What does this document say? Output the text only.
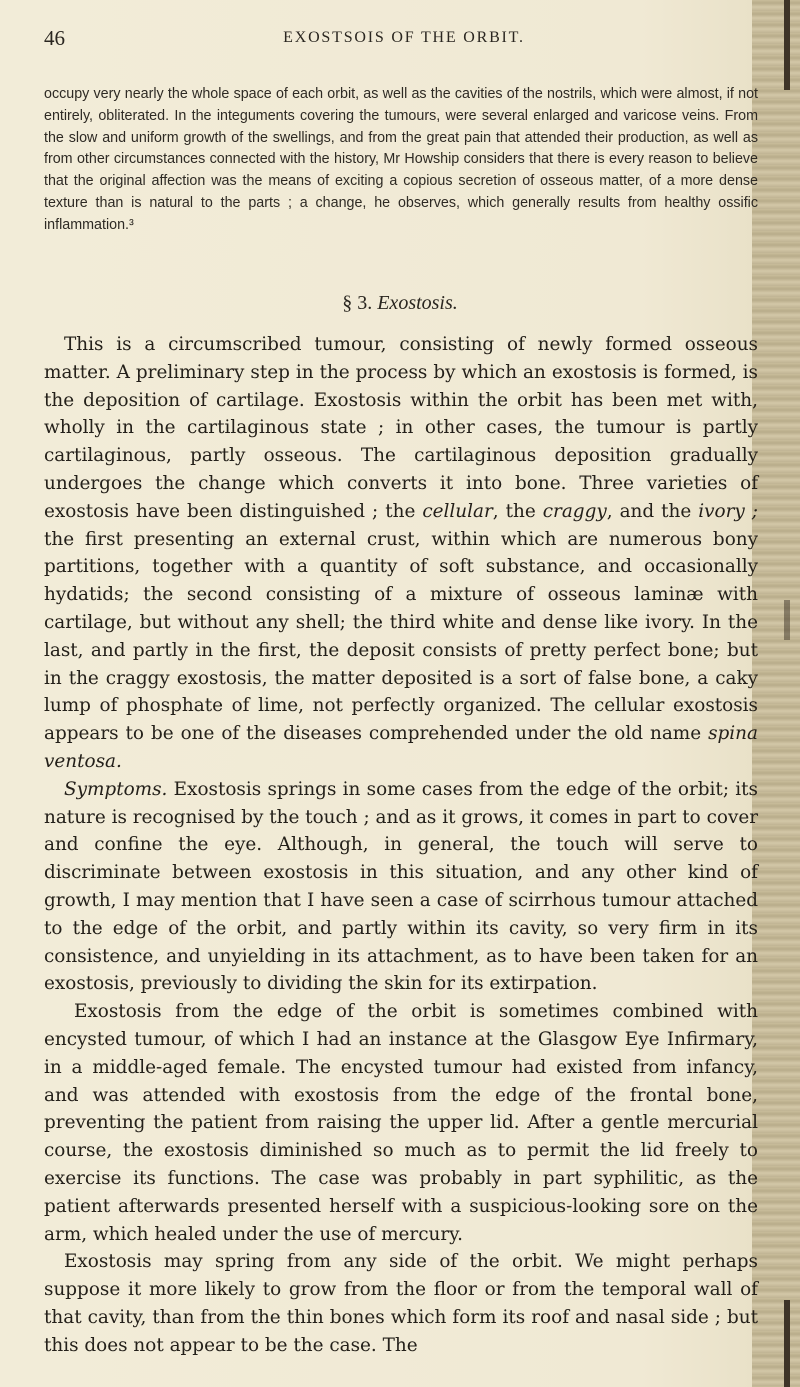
46	EXOSTSOIS OF THE ORBIT.
occupy very nearly the whole space of each orbit, as well as the cavities of the nostrils, which were almost, if not entirely, obliterated. In the integuments covering the tumours, were several enlarged and varicose veins. From the slow and uniform growth of the swellings, and from the great pain that attended their production, as well as from other circumstances connected with the history, Mr Howship considers that there is every reason to believe that the original affection was the means of exciting a copious secretion of osseous matter, of a more dense texture than is natural to the parts ; a change, he observes, which generally results from healthy ossific inflammation.³
§ 3. Exostosis.

This is a circumscribed tumour, consisting of newly formed osseous matter. A preliminary step in the process by which an exostosis is formed, is the deposition of cartilage. Exostosis within the orbit has been met with, wholly in the cartilaginous state ; in other cases, the tumour is partly cartilaginous, partly osseous. The cartilaginous deposition gradually undergoes the change which converts it into bone. Three varieties of exostosis have been distinguished ; the cellular, the craggy, and the ivory ; the first presenting an external crust, within which are numerous bony partitions, together with a quantity of soft substance, and occasionally hydatids; the second consisting of a mixture of osseous laminæ with cartilage, but without any shell; the third white and dense like ivory. In the last, and partly in the first, the deposit consists of pretty perfect bone; but in the craggy exostosis, the matter deposited is a sort of false bone, a caky lump of phosphate of lime, not perfectly organized. The cellular exostosis appears to be one of the diseases comprehended under the old name spina ventosa.

Symptoms. Exostosis springs in some cases from the edge of the orbit; its nature is recognised by the touch ; and as it grows, it comes in part to cover and confine the eye. Although, in general, the touch will serve to discriminate between exostosis in this situation, and any other kind of growth, I may mention that I have seen a case of scirrhous tumour attached to the edge of the orbit, and partly within its cavity, so very firm in its consistence, and unyielding in its attachment, as to have been taken for an exostosis, previously to dividing the skin for its extirpation.

Exostosis from the edge of the orbit is sometimes combined with encysted tumour, of which I had an instance at the Glasgow Eye Infirmary, in a middle-aged female. The encysted tumour had existed from infancy, and was attended with exostosis from the edge of the frontal bone, preventing the patient from raising the upper lid. After a gentle mercurial course, the exostosis diminished so much as to permit the lid freely to exercise its functions. The case was probably in part syphilitic, as the patient afterwards presented herself with a suspicious-looking sore on the arm, which healed under the use of mercury.

Exostosis may spring from any side of the orbit. We might perhaps suppose it more likely to grow from the floor or from the temporal wall of that cavity, than from the thin bones which form its roof and nasal side ; but this does not appear to be the case. The
